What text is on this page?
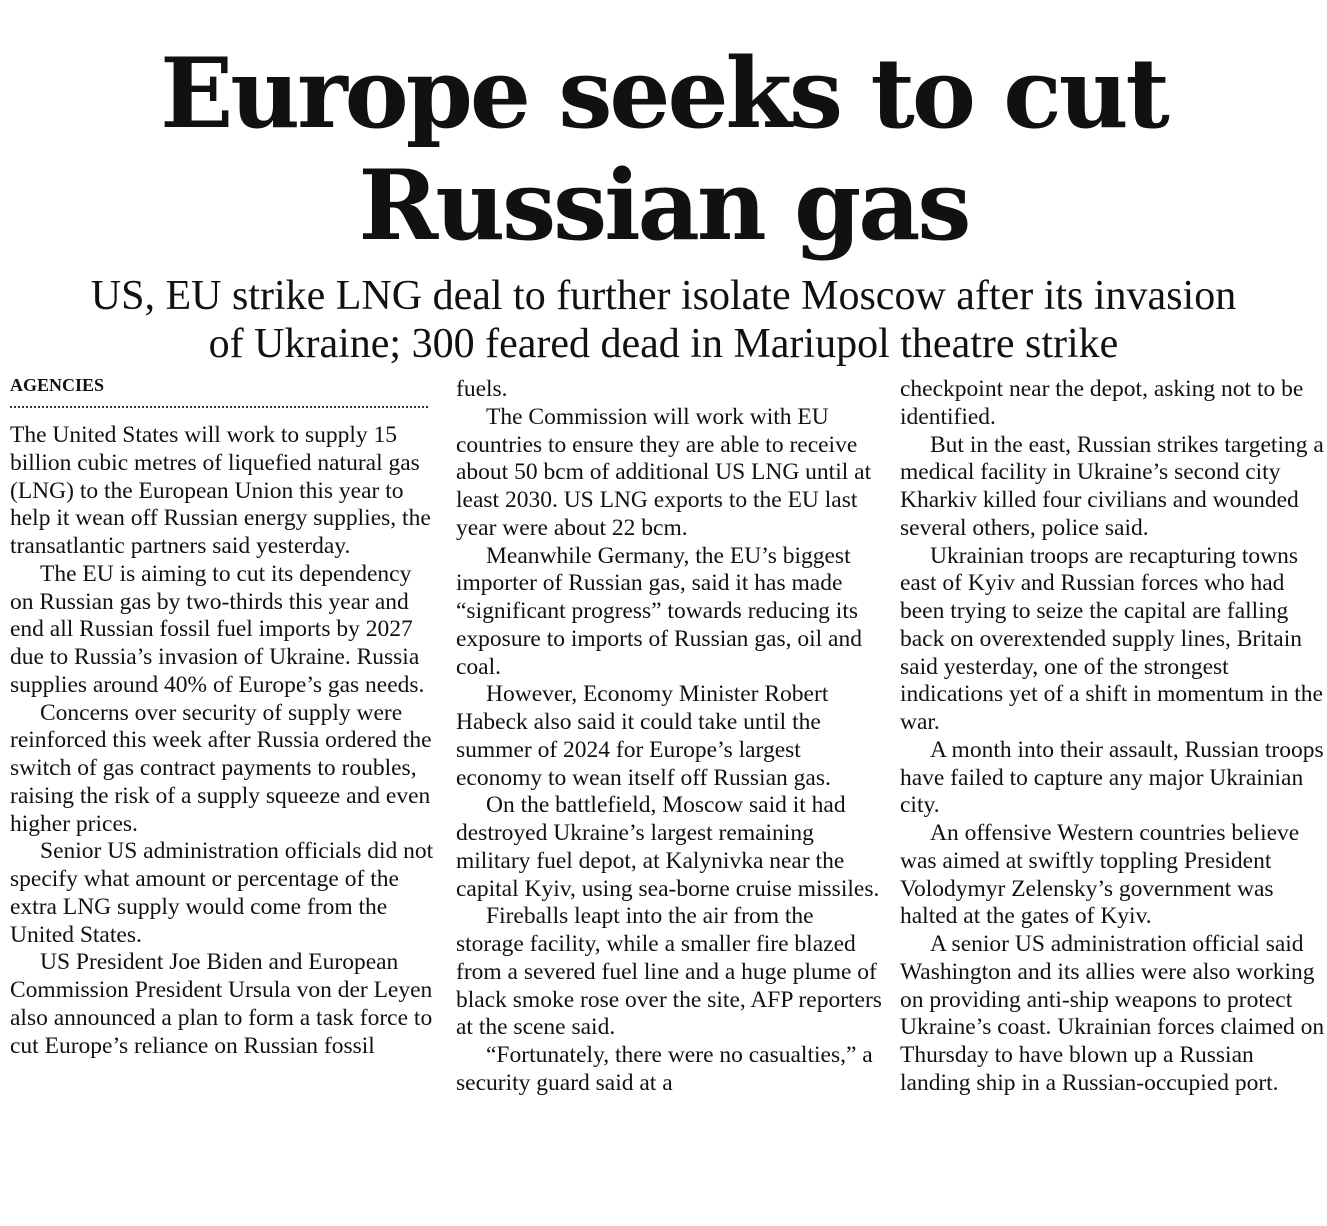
Europe seeks to cut
Russian gas
US, EU strike LNG deal to further isolate Moscow after its invasion
of Ukraine; 300 feared dead in Mariupol theatre strike
AGENCIES

The United States will work to supply 15 billion cubic metres of liquefied natural gas (LNG) to the European Union this year to help it wean off Russian energy supplies, the transatlantic partners said yesterday.

The EU is aiming to cut its dependency on Russian gas by two-thirds this year and end all Russian fossil fuel imports by 2027 due to Russia’s invasion of Ukraine. Russia supplies around 40% of Europe’s gas needs.

Concerns over security of supply were reinforced this week after Russia ordered the switch of gas contract payments to roubles, raising the risk of a supply squeeze and even higher prices.

Senior US administration officials did not specify what amount or percentage of the extra LNG supply would come from the United States.

US President Joe Biden and European Commission President Ursula von der Leyen also announced a plan to form a task force to cut Europe’s reliance on Russian fossil

fuels.

The Commission will work with EU countries to ensure they are able to receive about 50 bcm of additional US LNG until at least 2030. US LNG exports to the EU last year were about 22 bcm.

Meanwhile Germany, the EU’s biggest importer of Russian gas, said it has made “significant progress” towards reducing its exposure to imports of Russian gas, oil and coal.

However, Economy Minister Robert Habeck also said it could take until the summer of 2024 for Europe’s largest economy to wean itself off Russian gas.

On the battlefield, Moscow said it had destroyed Ukraine’s largest remaining military fuel depot, at Kalynivka near the capital Kyiv, using sea-borne cruise missiles.

Fireballs leapt into the air from the storage facility, while a smaller fire blazed from a severed fuel line and a huge plume of black smoke rose over the site, AFP reporters at the scene said.

“Fortunately, there were no casualties,” a security guard said at a

checkpoint near the depot, asking not to be identified.

But in the east, Russian strikes targeting a medical facility in Ukraine’s second city Kharkiv killed four civilians and wounded several others, police said.

Ukrainian troops are recapturing towns east of Kyiv and Russian forces who had been trying to seize the capital are falling back on overextended supply lines, Britain said yesterday, one of the strongest indications yet of a shift in momentum in the war.

A month into their assault, Russian troops have failed to capture any major Ukrainian city.

An offensive Western countries believe was aimed at swiftly toppling President Volodymyr Zelensky’s government was halted at the gates of Kyiv.

A senior US administration official said Washington and its allies were also working on providing anti-ship weapons to protect Ukraine’s coast. Ukrainian forces claimed on Thursday to have blown up a Russian landing ship in a Russian-occupied port.
